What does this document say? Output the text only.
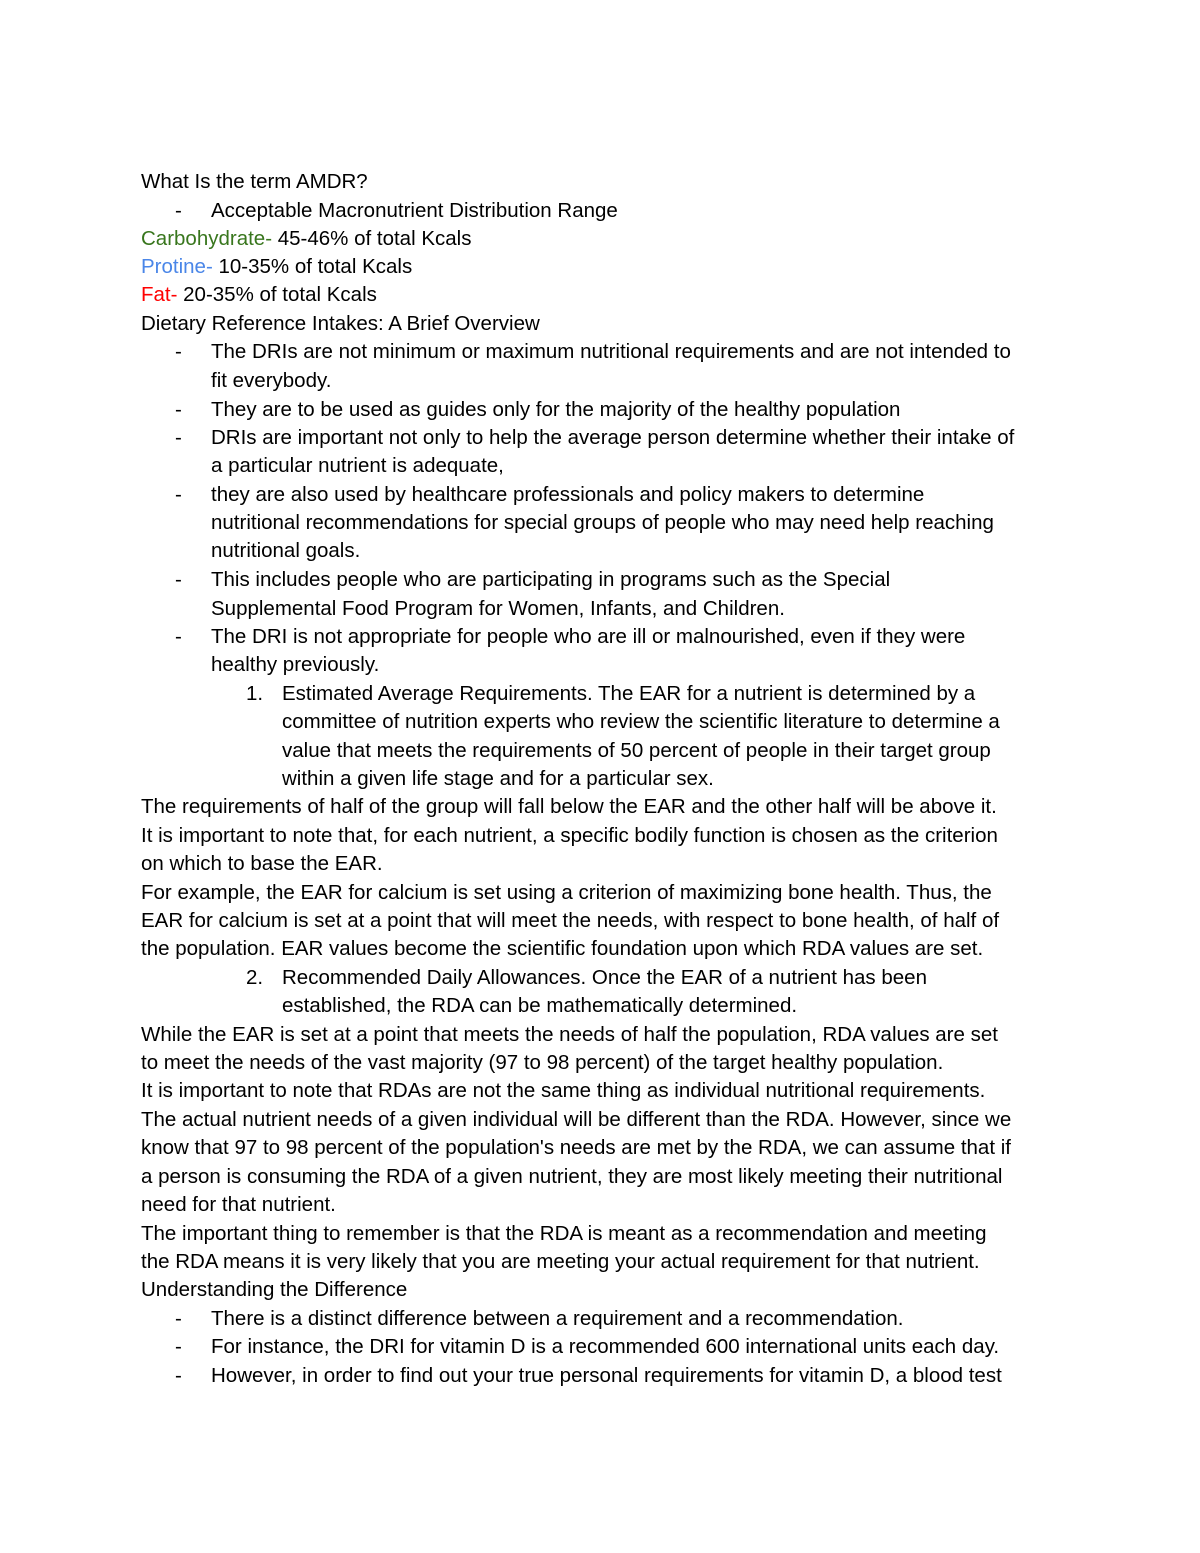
What Is the term AMDR?
- Acceptable Macronutrient Distribution Range
Carbohydrate- 45-46% of total Kcals
Protine- 10-35% of total Kcals
Fat- 20-35% of total Kcals
Dietary Reference Intakes: A Brief Overview
- The DRIs are not minimum or maximum nutritional requirements and are not intended to
fit everybody.
- They are to be used as guides only for the majority of the healthy population
- DRIs are important not only to help the average person determine whether their intake of
a particular nutrient is adequate,
- they are also used by healthcare professionals and policy makers to determine
nutritional recommendations for special groups of people who may need help reaching
nutritional goals.
- This includes people who are participating in programs such as the Special
Supplemental Food Program for Women, Infants, and Children.
- The DRI is not appropriate for people who are ill or malnourished, even if they were
healthy previously.
1. Estimated Average Requirements. The EAR for a nutrient is determined by a
committee of nutrition experts who review the scientific literature to determine a
value that meets the requirements of 50 percent of people in their target group
within a given life stage and for a particular sex.
The requirements of half of the group will fall below the EAR and the other half will be above it.
It is important to note that, for each nutrient, a specific bodily function is chosen as the criterion
on which to base the EAR.
For example, the EAR for calcium is set using a criterion of maximizing bone health. Thus, the
EAR for calcium is set at a point that will meet the needs, with respect to bone health, of half of
the population. EAR values become the scientific foundation upon which RDA values are set.
2. Recommended Daily Allowances. Once the EAR of a nutrient has been
established, the RDA can be mathematically determined.
While the EAR is set at a point that meets the needs of half the population, RDA values are set
to meet the needs of the vast majority (97 to 98 percent) of the target healthy population.
It is important to note that RDAs are not the same thing as individual nutritional requirements.
The actual nutrient needs of a given individual will be different than the RDA. However, since we
know that 97 to 98 percent of the population's needs are met by the RDA, we can assume that if
a person is consuming the RDA of a given nutrient, they are most likely meeting their nutritional
need for that nutrient.
The important thing to remember is that the RDA is meant as a recommendation and meeting
the RDA means it is very likely that you are meeting your actual requirement for that nutrient.
Understanding the Difference
- There is a distinct difference between a requirement and a recommendation.
- For instance, the DRI for vitamin D is a recommended 600 international units each day.
- However, in order to find out your true personal requirements for vitamin D, a blood test
